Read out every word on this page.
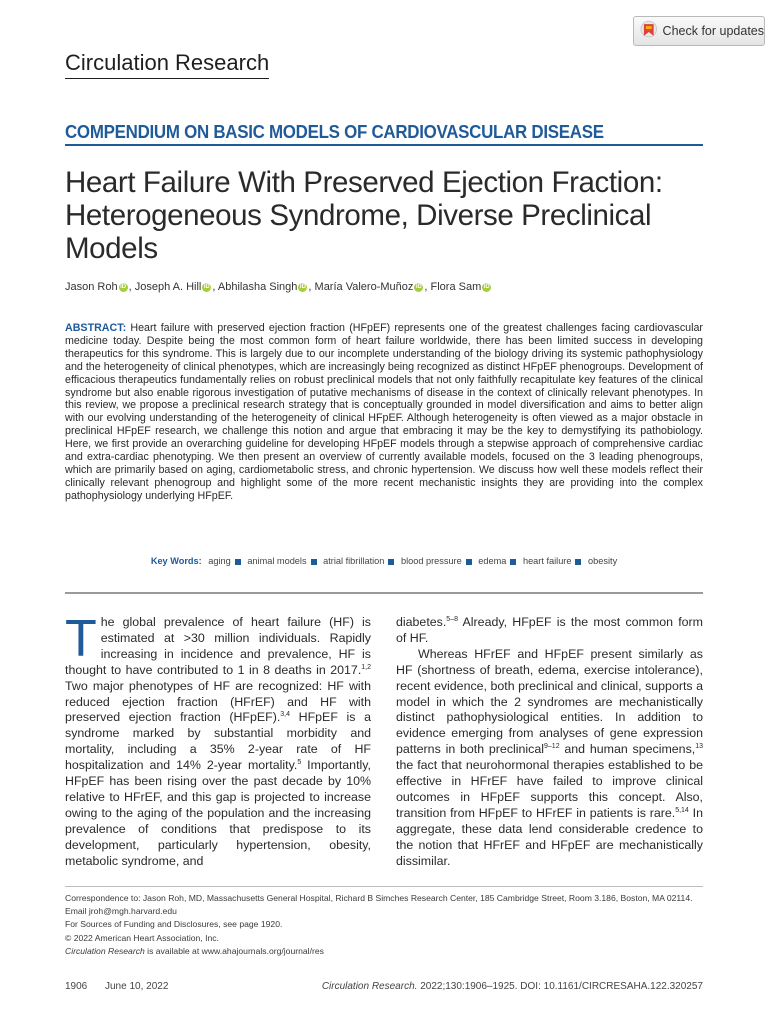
Check for updates
Circulation Research
COMPENDIUM ON BASIC MODELS OF CARDIOVASCULAR DISEASE
Heart Failure With Preserved Ejection Fraction:
Heterogeneous Syndrome, Diverse Preclinical
Models
Jason Roh iD , Joseph A. Hill iD , Abhilasha Singh iD , María Valero-Muñoz iD , Flora Sam iD

ABSTRACT: Heart failure with preserved ejection fraction (HFpEF) represents one of the greatest challenges facing cardiovascular medicine today. Despite being the most common form of heart failure worldwide, there has been limited success in developing therapeutics for this syndrome. This is largely due to our incomplete understanding of the biology driving its systemic pathophysiology and the heterogeneity of clinical phenotypes, which are increasingly being recognized as distinct HFpEF phenogroups. Development of efficacious therapeutics fundamentally relies on robust preclinical models that not only faithfully recapitulate key features of the clinical syndrome but also enable rigorous investigation of putative mechanisms of disease in the context of clinically relevant phenotypes. In this review, we propose a preclinical research strategy that is conceptually grounded in model diversification and aims to better align with our evolving understanding of the heterogeneity of clinical HFpEF. Although heterogeneity is often viewed as a major obstacle in preclinical HFpEF research, we challenge this notion and argue that embracing it may be the key to demystifying its pathobiology. Here, we first provide an overarching guideline for developing HFpEF models through a stepwise approach of comprehensive cardiac and extra-cardiac phenotyping. We then present an overview of currently available models, focused on the 3 leading phenogroups, which are primarily based on aging, cardiometabolic stress, and chronic hypertension. We discuss how well these models reflect their clinically relevant phenogroup and highlight some of the more recent mechanistic insights they are providing into the complex pathophysiology underlying HFpEF.

Key Words: aging animal models atrial fibrillation blood pressure edema heart failure obesity

The global prevalence of heart failure (HF) is estimated at >30 million individuals. Rapidly increasing in incidence and prevalence, HF is thought to have contributed to 1 in 8 deaths in 2017.$^{1,2}$ Two major phenotypes of HF are recognized: HF with reduced ejection fraction (HFrEF) and HF with preserved ejection fraction (HFpEF).$^{3,4}$ HFpEF is a syndrome marked by substantial morbidity and mortality, including a 35% 2-year rate of HF hospitalization and 14% 2-year mortality.$^5$ Importantly, HFpEF has been rising over the past decade by 10% relative to HFrEF, and this gap is projected to increase owing to the aging of the population and the increasing prevalence of conditions that predispose to its development, particularly hypertension, obesity, metabolic syndrome, and

diabetes.$^{5-8}$ Already, HFpEF is the most common form of HF.
Whereas HFrEF and HFpEF present similarly as HF (shortness of breath, edema, exercise intolerance), recent evidence, both preclinical and clinical, supports a model in which the 2 syndromes are mechanistically distinct pathophysiological entities. In addition to evidence emerging from analyses of gene expression patterns in both preclinical$^{9-12}$ and human specimens,$^{13}$ the fact that neurohormonal therapies established to be effective in HFrEF have failed to improve clinical outcomes in HFpEF supports this concept. Also, transition from HFpEF to HFrEF in patients is rare.$^{5,14}$ In aggregate, these data lend considerable credence to the notion that HFrEF and HFpEF are mechanistically dissimilar.

Correspondence to: Jason Roh, MD, Massachusetts General Hospital, Richard B Simches Research Center, 185 Cambridge Street, Room 3.186, Boston, MA 02114.
Email jroh@mgh.harvard.edu
For Sources of Funding and Disclosures, see page 1920.
© 2022 American Heart Association, Inc.
Circulation Research is available at www.ahajournals.org/journal/res
1906 June 10, 2022	Circulation Research. 2022;130:1906–1925. DOI: 10.1161/CIRCRESAHA.122.320257
